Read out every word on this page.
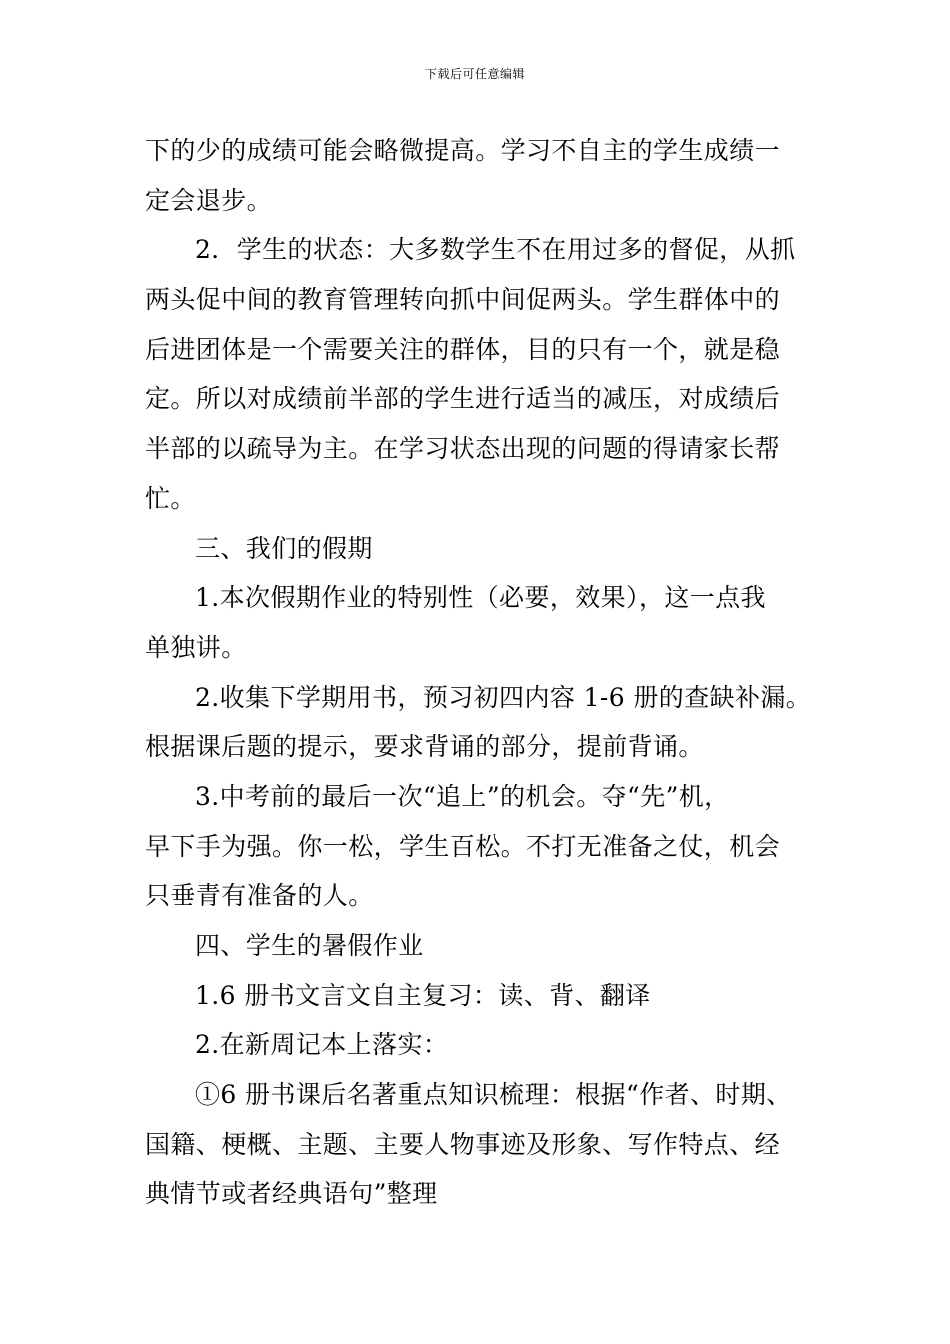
下载后可任意编辑
下的少的成绩可能会略微提高。学习不自主的学生成绩一
定会退步。
2．学生的状态：大多数学生不在用过多的督促，从抓
两头促中间的教育管理转向抓中间促两头。学生群体中的
后进团体是一个需要关注的群体，目的只有一个，就是稳
定。所以对成绩前半部的学生进行适当的减压，对成绩后
半部的以疏导为主。在学习状态出现的问题的得请家长帮
忙。
三、我们的假期
1.本次假期作业的特别性（必要，效果），这一点我
单独讲。
2.收集下学期用书，预习初四内容 1-6 册的查缺补漏。
根据课后题的提示，要求背诵的部分，提前背诵。
3.中考前的最后一次“追上”的机会。夺“先”机，
早下手为强。你一松，学生百松。不打无准备之仗，机会
只垂青有准备的人。
四、学生的暑假作业
1.6 册书文言文自主复习：读、背、翻译
2.在新周记本上落实：
①6 册书课后名著重点知识梳理：根据“作者、时期、
国籍、梗概、主题、主要人物事迹及形象、写作特点、经
典情节或者经典语句”整理
